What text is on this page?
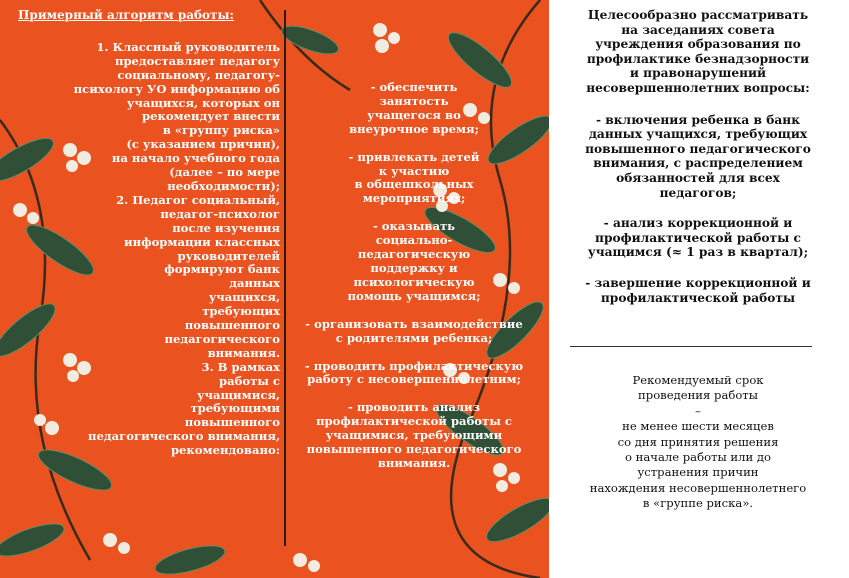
Примерный алгоритм работы:
1. Классный руководитель
предоставляет педагогу
социальному, педагогу-
психологу УО информацию об
учащихся, которых он
рекомендует внести
в «группу риска»
(с указанием причин),
на начало учебного года
(далее – по мере
необходимости);
2. Педагог социальный,
педагог-психолог
после изучения
информации классных
руководителей
формируют банк
данных
учащихся,
требующих
повышенного
педагогического
внимания.
3. В рамках
работы с
учащимися,
требующими
повышенного
педагогического внимания,
рекомендовано:
- обеспечить
занятость
учащегося во
внеурочное время;
- привлекать детей
к участию
в общешкольных
мероприятиях;
- оказывать
социально-
педагогическую
поддержку и
психологическую
помощь учащимся;
- организовать взаимодействие
с родителями ребенка;
- проводить профилактическую
работу с несовершеннолетним;
- проводить анализ
профилактической работы с
учащимися, требующими
повышенного педагогического
внимания.
Целесообразно рассматривать
на заседаниях совета
учреждения образования по
профилактике безнадзорности
и правонарушений
несовершеннолетних вопросы:
- включения ребенка в банк
данных учащихся, требующих
повышенного педагогического
внимания, с распределением
обязанностей для всех
педагогов;
- анализ коррекционной и
профилактической работы с
учащимся (≈ 1 раз в квартал);
- завершение коррекционной и
профилактической работы
Рекомендуемый срок
проведения работы
–
не менее шести месяцев
со дня принятия решения
о начале работы или до
устранения причин
нахождения несовершеннолетнего
в «группе риска».
